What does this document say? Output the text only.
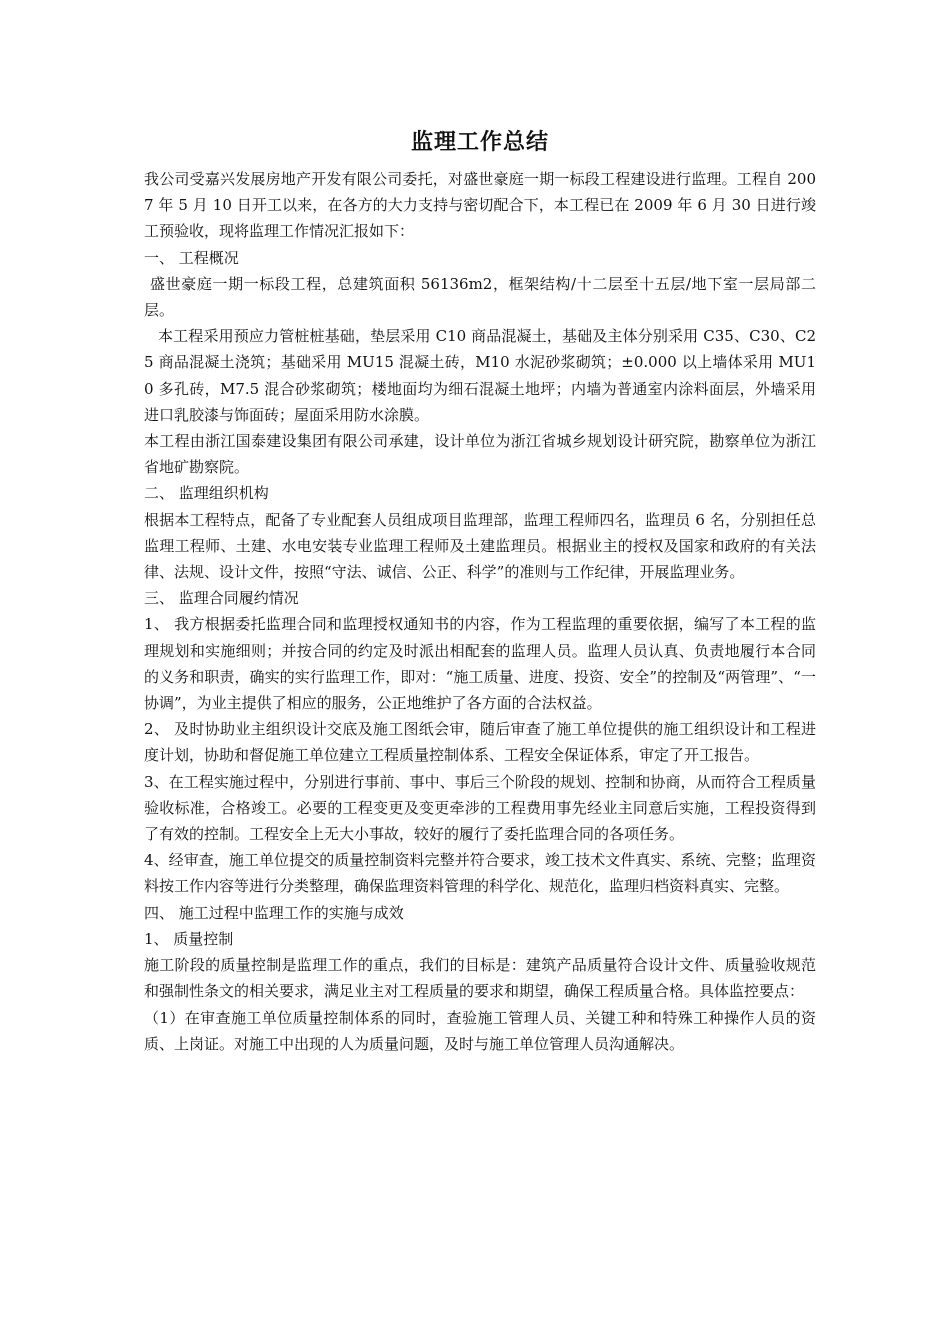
监理工作总结

我公司受嘉兴发展房地产开发有限公司委托，对盛世豪庭一期一标段工程建设进行监理。工程自 2007 年 5 月 10 日开工以来，在各方的大力支持与密切配合下，本工程已在 2009 年 6 月 30 日进行竣工预验收，现将监理工作情况汇报如下：

一、 工程概况

盛世豪庭一期一标段工程，总建筑面积 56136m2，框架结构/十二层至十五层/地下室一层局部二层。

本工程采用预应力管桩桩基础，垫层采用 C10 商品混凝土，基础及主体分别采用 C35、C30、C25 商品混凝土浇筑；基础采用 MU15 混凝土砖，M10 水泥砂浆砌筑；±0.000 以上墙体采用 MU10 多孔砖，M7.5 混合砂浆砌筑；楼地面均为细石混凝土地坪；内墙为普通室内涂料面层，外墙采用进口乳胶漆与饰面砖；屋面采用防水涂膜。

本工程由浙江国泰建设集团有限公司承建，设计单位为浙江省城乡规划设计研究院，勘察单位为浙江省地矿勘察院。

二、 监理组织机构

根据本工程特点，配备了专业配套人员组成项目监理部，监理工程师四名，监理员 6 名，分别担任总监理工程师、土建、水电安装专业监理工程师及土建监理员。根据业主的授权及国家和政府的有关法律、法规、设计文件，按照“守法、诚信、公正、科学”的准则与工作纪律，开展监理业务。

三、 监理合同履约情况

1、 我方根据委托监理合同和监理授权通知书的内容，作为工程监理的重要依据，编写了本工程的监理规划和实施细则；并按合同的约定及时派出相配套的监理人员。监理人员认真、负责地履行本合同的义务和职责，确实的实行监理工作，即对：“施工质量、进度、投资、安全”的控制及“两管理”、“一协调”，为业主提供了相应的服务，公正地维护了各方面的合法权益。

2、 及时协助业主组织设计交底及施工图纸会审，随后审查了施工单位提供的施工组织设计和工程进度计划，协助和督促施工单位建立工程质量控制体系、工程安全保证体系，审定了开工报告。

3、在工程实施过程中，分别进行事前、事中、事后三个阶段的规划、控制和协商，从而符合工程质量验收标准，合格竣工。必要的工程变更及变更牵涉的工程费用事先经业主同意后实施，工程投资得到了有效的控制。工程安全上无大小事故，较好的履行了委托监理合同的各项任务。

4、经审查，施工单位提交的质量控制资料完整并符合要求，竣工技术文件真实、系统、完整；监理资料按工作内容等进行分类整理，确保监理资料管理的科学化、规范化，监理归档资料真实、完整。

四、 施工过程中监理工作的实施与成效

1、 质量控制

施工阶段的质量控制是监理工作的重点，我们的目标是：建筑产品质量符合设计文件、质量验收规范和强制性条文的相关要求，满足业主对工程质量的要求和期望，确保工程质量合格。具体监控要点：

（1）在审查施工单位质量控制体系的同时，查验施工管理人员、关键工种和特殊工种操作人员的资质、上岗证。对施工中出现的人为质量问题，及时与施工单位管理人员沟通解决。
